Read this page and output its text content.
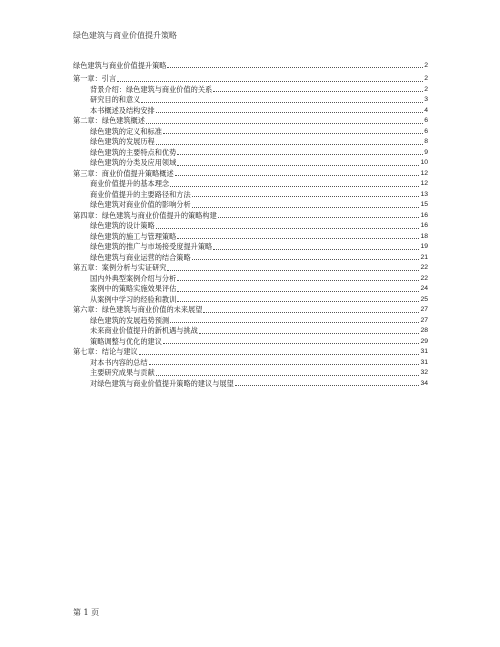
绿色建筑与商业价值提升策略
绿色建筑与商业价值提升策略	2
第一章：引言	2
背景介绍：绿色建筑与商业价值的关系	2
研究目的和意义	3
本书概述及结构安排	4
第二章：绿色建筑概述	6
绿色建筑的定义和标准	6
绿色建筑的发展历程	8
绿色建筑的主要特点和优势	9
绿色建筑的分类及应用领域	10
第三章：商业价值提升策略概述	12
商业价值提升的基本理念	12
商业价值提升的主要路径和方法	13
绿色建筑对商业价值的影响分析	15
第四章：绿色建筑与商业价值提升的策略构建	16
绿色建筑的设计策略	16
绿色建筑的施工与管理策略	18
绿色建筑的推广与市场接受度提升策略	19
绿色建筑与商业运营的结合策略	21
第五章：案例分析与实证研究	22
国内外典型案例介绍与分析	22
案例中的策略实施效果评估	24
从案例中学习的经验和教训	25
第六章：绿色建筑与商业价值的未来展望	27
绿色建筑的发展趋势预测	27
未来商业价值提升的新机遇与挑战	28
策略调整与优化的建议	29
第七章：结论与建议	31
对本书内容的总结	31
主要研究成果与贡献	32
对绿色建筑与商业价值提升策略的建议与展望	34
第 1 页
